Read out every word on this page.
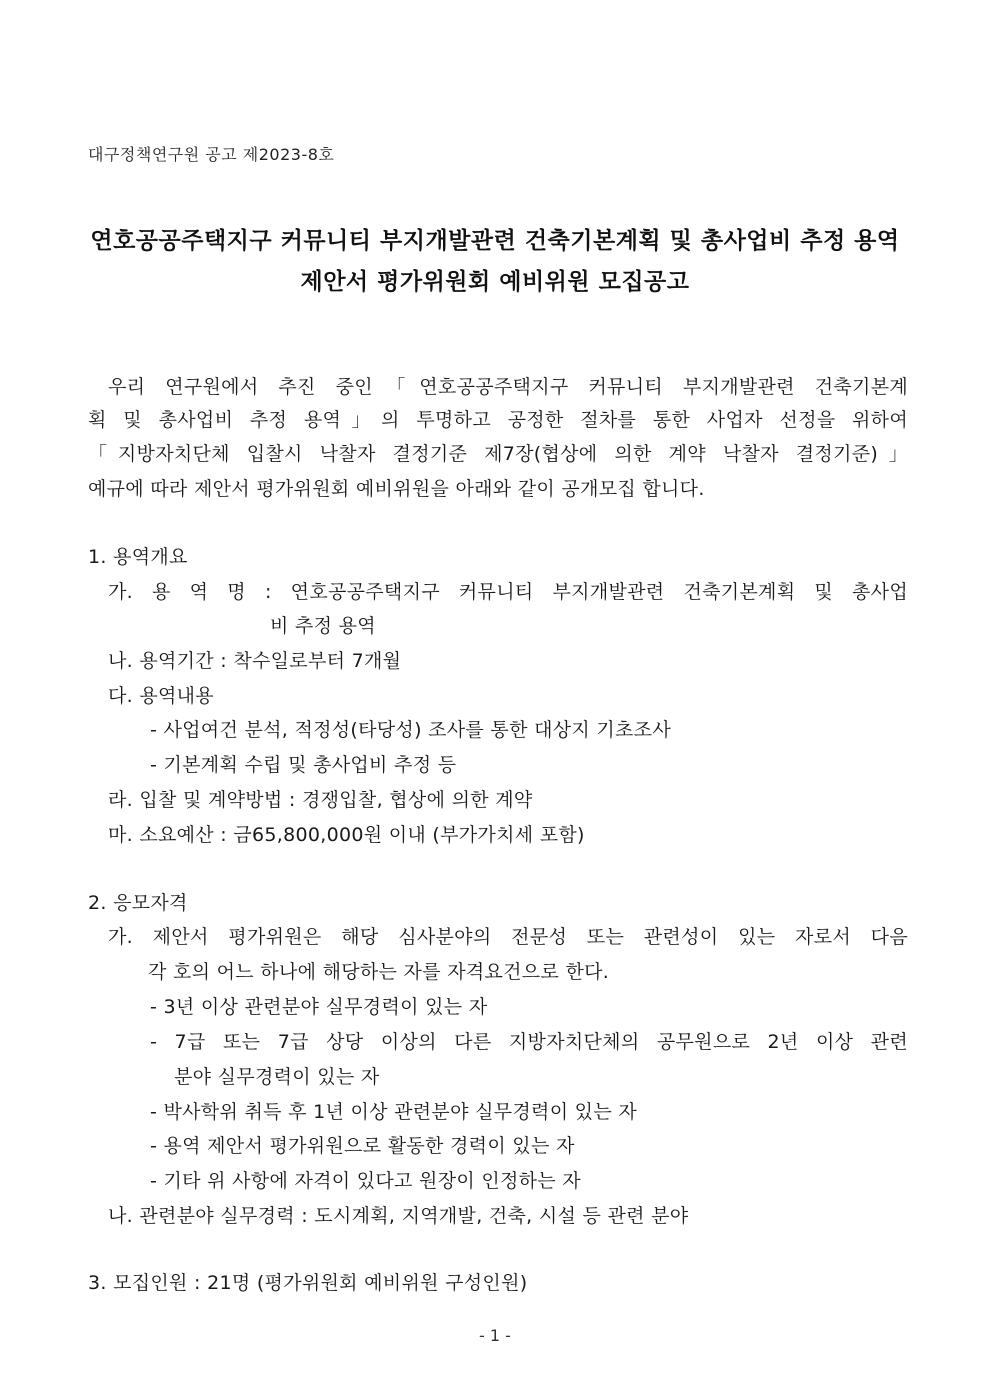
대구정책연구원 공고 제2023-8호
연호공공주택지구 커뮤니티 부지개발관련 건축기본계획 및 총사업비 추정 용역
제안서 평가위원회 예비위원 모집공고
우리 연구원에서 추진 중인「연호공공주택지구 커뮤니티 부지개발관련 건축기본계
획 및 총사업비 추정 용역」의 투명하고 공정한 절차를 통한 사업자 선정을 위하여
「지방자치단체 입찰시 낙찰자 결정기준 제7장(협상에 의한 계약 낙찰자 결정기준)」
예규에 따라 제안서 평가위원회 예비위원을 아래와 같이 공개모집 합니다.
1. 용역개요
가. 용 역 명 : 연호공공주택지구 커뮤니티 부지개발관련 건축기본계획 및 총사업
비 추정 용역
나. 용역기간 : 착수일로부터 7개월
다. 용역내용
- 사업여건 분석, 적정성(타당성) 조사를 통한 대상지 기초조사
- 기본계획 수립 및 총사업비 추정 등
라. 입찰 및 계약방법 : 경쟁입찰, 협상에 의한 계약
마. 소요예산 : 금65,800,000원 이내 (부가가치세 포함)
2. 응모자격
가. 제안서 평가위원은 해당 심사분야의 전문성 또는 관련성이 있는 자로서 다음
각 호의 어느 하나에 해당하는 자를 자격요건으로 한다.
- 3년 이상 관련분야 실무경력이 있는 자
- 7급 또는 7급 상당 이상의 다른 지방자치단체의 공무원으로 2년 이상 관련
분야 실무경력이 있는 자
- 박사학위 취득 후 1년 이상 관련분야 실무경력이 있는 자
- 용역 제안서 평가위원으로 활동한 경력이 있는 자
- 기타 위 사항에 자격이 있다고 원장이 인정하는 자
나. 관련분야 실무경력 : 도시계획, 지역개발, 건축, 시설 등 관련 분야
3. 모집인원 : 21명 (평가위원회 예비위원 구성인원)
- 1 -
